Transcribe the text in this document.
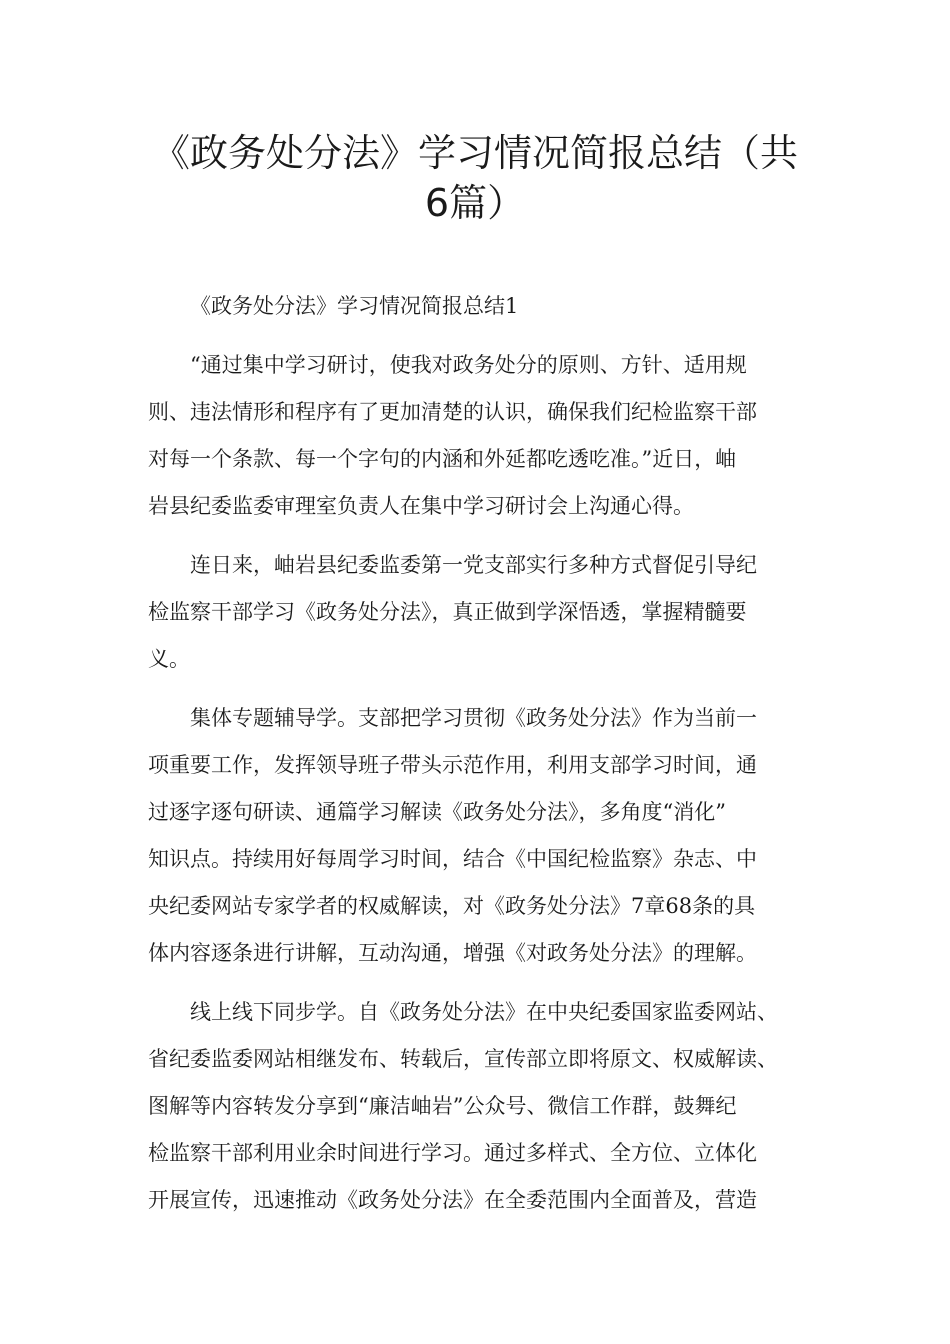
《政务处分法》学习情况简报总结（共
6篇）
《政务处分法》学习情况简报总结1
“通过集中学习研讨，使我对政务处分的原则、方针、适用规
则、违法情形和程序有了更加清楚的认识，确保我们纪检监察干部
对每一个条款、每一个字句的内涵和外延都吃透吃准。”近日，岫
岩县纪委监委审理室负责人在集中学习研讨会上沟通心得。
连日来，岫岩县纪委监委第一党支部实行多种方式督促引导纪
检监察干部学习《政务处分法》，真正做到学深悟透，掌握精髓要
义。
集体专题辅导学。支部把学习贯彻《政务处分法》作为当前一
项重要工作，发挥领导班子带头示范作用，利用支部学习时间，通
过逐字逐句研读、通篇学习解读《政务处分法》，多角度“消化”
知识点。持续用好每周学习时间，结合《中国纪检监察》杂志、中
央纪委网站专家学者的权威解读，对《政务处分法》7章68条的具
体内容逐条进行讲解，互动沟通，增强《对政务处分法》的理解。
线上线下同步学。自《政务处分法》在中央纪委国家监委网站、
省纪委监委网站相继发布、转载后，宣传部立即将原文、权威解读、
图解等内容转发分享到“廉洁岫岩”公众号、微信工作群，鼓舞纪
检监察干部利用业余时间进行学习。通过多样式、全方位、立体化
开展宣传，迅速推动《政务处分法》在全委范围内全面普及，营造
